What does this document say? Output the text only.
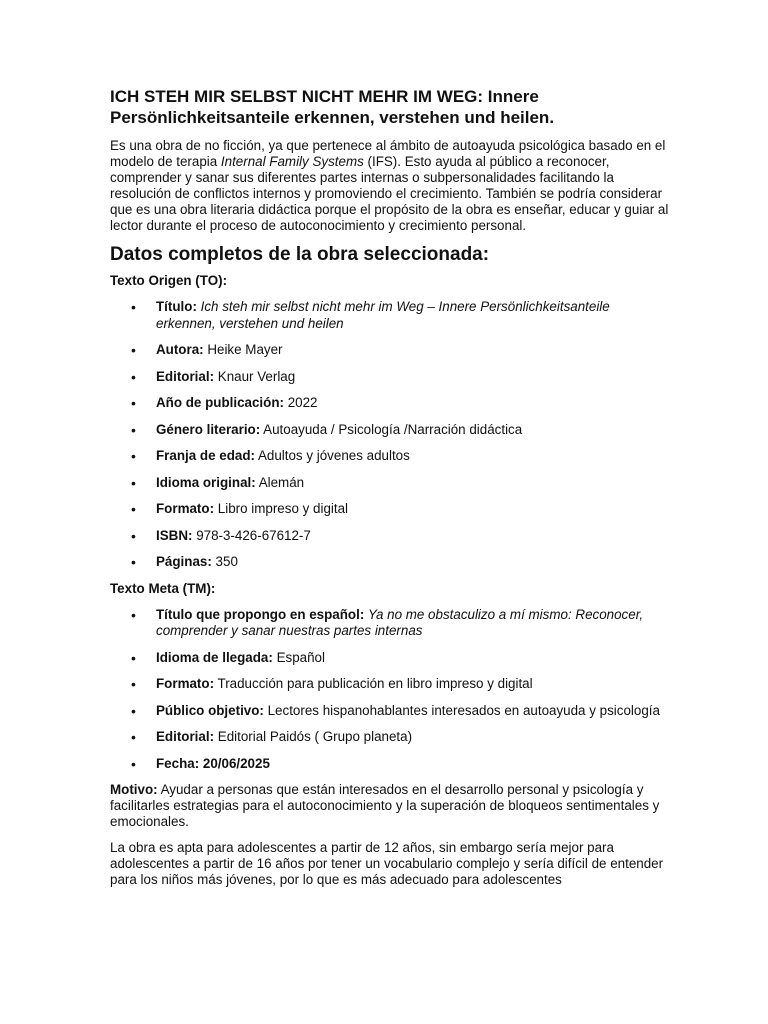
ICH STEH MIR SELBST NICHT MEHR IM WEG: Innere Persönlichkeitsanteile erkennen, verstehen und heilen.

Es una obra de no ficción, ya que pertenece al ámbito de autoayuda psicológica basado en el modelo de terapia Internal Family Systems (IFS). Esto ayuda al público a reconocer, comprender y sanar sus diferentes partes internas o subpersonalidades facilitando la resolución de conflictos internos y promoviendo el crecimiento. También se podría considerar que es una obra literaria didáctica porque el propósito de la obra es enseñar, educar y guiar al lector durante el proceso de autoconocimiento y crecimiento personal.

Datos completos de la obra seleccionada:
Texto Origen (TO):
• Título: Ich steh mir selbst nicht mehr im Weg – Innere Persönlichkeitsanteile erkennen, verstehen und heilen
• Autora: Heike Mayer
• Editorial: Knaur Verlag
• Año de publicación: 2022
• Género literario: Autoayuda / Psicología /Narración didáctica
• Franja de edad: Adultos y jóvenes adultos
• Idioma original: Alemán
• Formato: Libro impreso y digital
• ISBN: 978-3-426-67612-7
• Páginas: 350
Texto Meta (TM):
• Título que propongo en español: Ya no me obstaculizo a mí mismo: Reconocer, comprender y sanar nuestras partes internas
• Idioma de llegada: Español
• Formato: Traducción para publicación en libro impreso y digital
• Público objetivo: Lectores hispanohablantes interesados en autoayuda y psicología
• Editorial: Editorial Paidós ( Grupo planeta)
• Fecha: 20/06/2025

Motivo: Ayudar a personas que están interesados en el desarrollo personal y psicología y facilitarles estrategias para el autoconocimiento y la superación de bloqueos sentimentales y emocionales.

La obra es apta para adolescentes a partir de 12 años, sin embargo sería mejor para adolescentes a partir de 16 años por tener un vocabulario complejo y sería difícil de entender para los niños más jóvenes, por lo que es más adecuado para adolescentes
